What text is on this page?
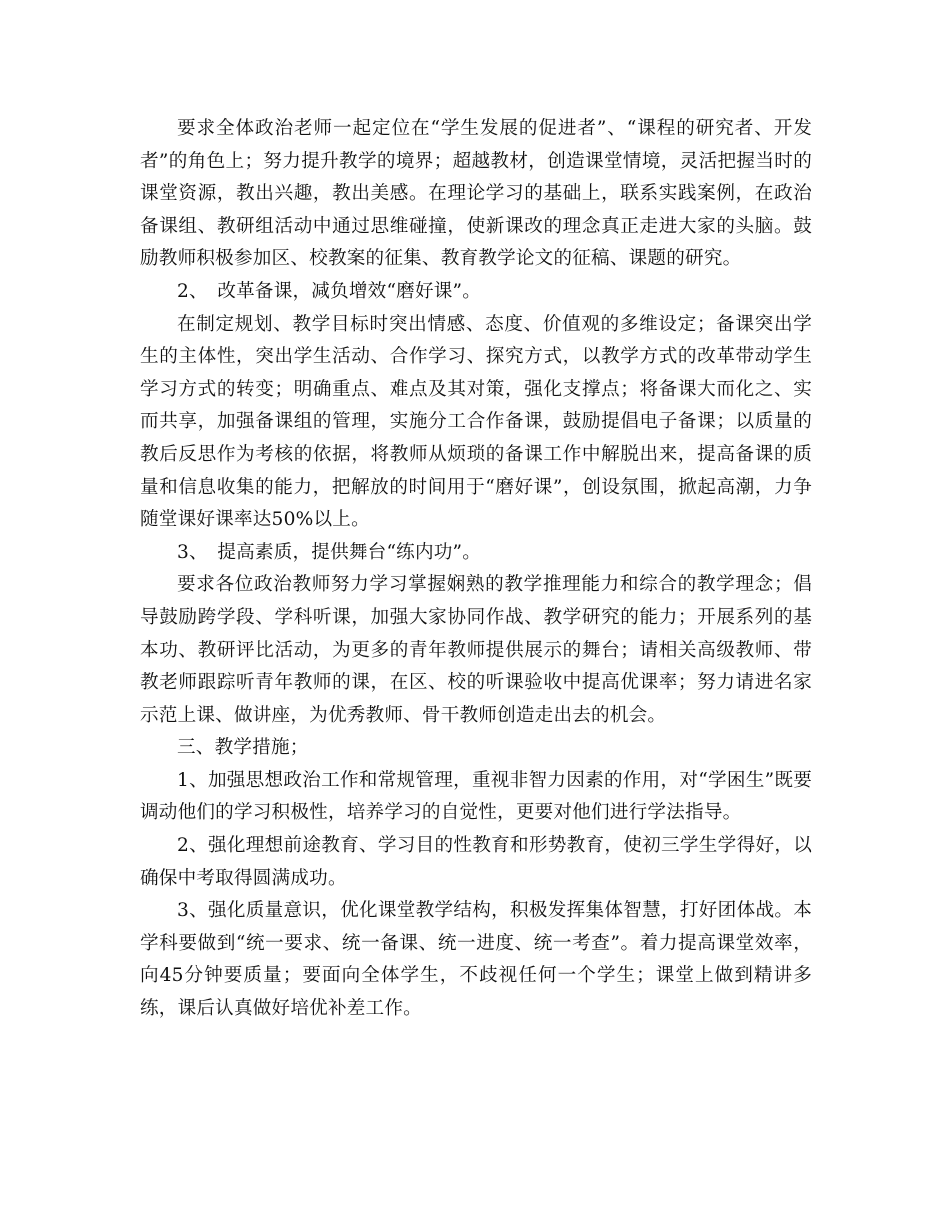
要求全体政治老师一起定位在“学生发展的促进者”、“课程的研究者、开发者”的角色上；努力提升教学的境界；超越教材，创造课堂情境，灵活把握当时的课堂资源，教出兴趣，教出美感。在理论学习的基础上，联系实践案例，在政治备课组、教研组活动中通过思维碰撞，使新课改的理念真正走进大家的头脑。鼓励教师积极参加区、校教案的征集、教育教学论文的征稿、课题的研究。

2、　改革备课，减负增效“磨好课”。

在制定规划、教学目标时突出情感、态度、价值观的多维设定；备课突出学生的主体性，突出学生活动、合作学习、探究方式，以教学方式的改革带动学生学习方式的转变；明确重点、难点及其对策，强化支撑点；将备课大而化之、实而共享，加强备课组的管理，实施分工合作备课，鼓励提倡电子备课；以质量的教后反思作为考核的依据，将教师从烦琐的备课工作中解脱出来，提高备课的质量和信息收集的能力，把解放的时间用于“磨好课”，创设氛围，掀起高潮，力争随堂课好课率达50%以上。

3、　提高素质，提供舞台“练内功”。

要求各位政治教师努力学习掌握娴熟的教学推理能力和综合的教学理念；倡导鼓励跨学段、学科听课，加强大家协同作战、教学研究的能力；开展系列的基本功、教研评比活动，为更多的青年教师提供展示的舞台；请相关高级教师、带教老师跟踪听青年教师的课，在区、校的听课验收中提高优课率；努力请进名家示范上课、做讲座，为优秀教师、骨干教师创造走出去的机会。

三、教学措施；

1、加强思想政治工作和常规管理，重视非智力因素的作用，对“学困生”既要调动他们的学习积极性，培养学习的自觉性，更要对他们进行学法指导。

2、强化理想前途教育、学习目的性教育和形势教育，使初三学生学得好，以确保中考取得圆满成功。

3、强化质量意识，优化课堂教学结构，积极发挥集体智慧，打好团体战。本学科要做到“统一要求、统一备课、统一进度、统一考查”。着力提高课堂效率，向45分钟要质量；要面向全体学生，不歧视任何一个学生；课堂上做到精讲多练，课后认真做好培优补差工作。
